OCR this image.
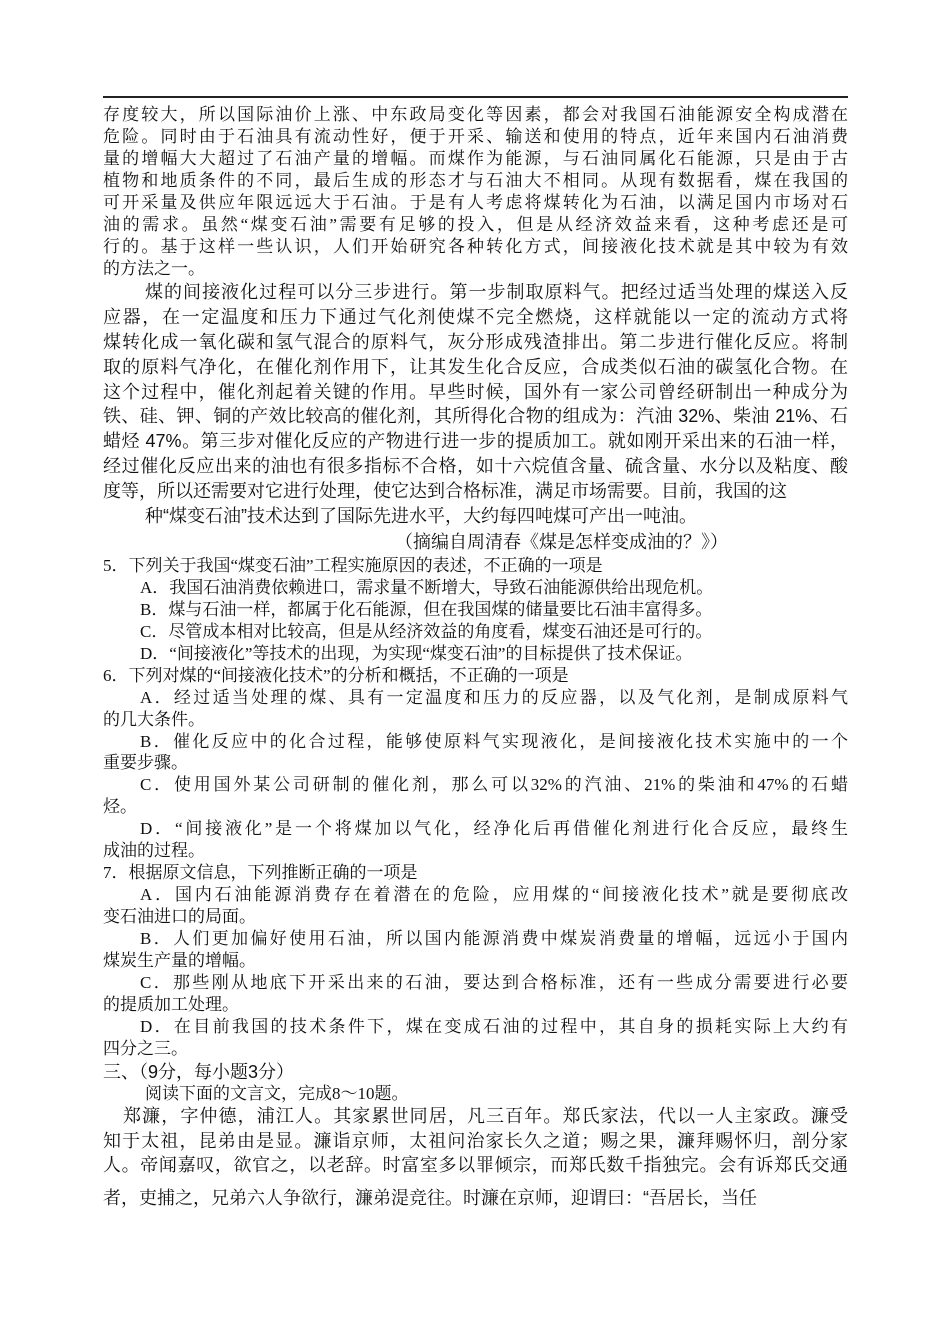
存度较大，所以国际油价上涨、中东政局变化等因素，都会对我国石油能源安全构成潜在
危险。同时由于石油具有流动性好，便于开采、输送和使用的特点，近年来国内石油消费
量的增幅大大超过了石油产量的增幅。而煤作为能源，与石油同属化石能源，只是由于古
植物和地质条件的不同，最后生成的形态才与石油大不相同。从现有数据看，煤在我国的
可开采量及供应年限远远大于石油。于是有人考虑将煤转化为石油，以满足国内市场对石
油的需求。虽然“煤变石油”需要有足够的投入，但是从经济效益来看，这种考虑还是可
行的。基于这样一些认识，人们开始研究各种转化方式，间接液化技术就是其中较为有效
的方法之一。
煤的间接液化过程可以分三步进行。第一步制取原料气。把经过适当处理的煤送入反
应器，在一定温度和压力下通过气化剂使煤不完全燃烧，这样就能以一定的流动方式将
煤转化成一氧化碳和氢气混合的原料气，灰分形成残渣排出。第二步进行催化反应。将制
取的原料气净化，在催化剂作用下，让其发生化合反应，合成类似石油的碳氢化合物。在
这个过程中，催化剂起着关键的作用。早些时候，国外有一家公司曾经研制出一种成分为
铁、硅、钾、铜的产效比较高的催化剂，其所得化合物的组成为：汽油 32%、柴油 21%、石
蜡烃 47%。第三步对催化反应的产物进行进一步的提质加工。就如刚开采出来的石油一样，
经过催化反应出来的油也有很多指标不合格，如十六烷值含量、硫含量、水分以及粘度、酸
度等，所以还需要对它进行处理，使它达到合格标准，满足市场需要。目前，我国的这
种“煤变石油”技术达到了国际先进水平，大约每四吨煤可产出一吨油。
（摘编自周清春《煤是怎样变成油的？》）
5．下列关于我国“煤变石油”工程实施原因的表述，不正确的一项是
A．我国石油消费依赖进口，需求量不断增大，导致石油能源供给出现危机。
B．煤与石油一样，都属于化石能源，但在我国煤的储量要比石油丰富得多。
C．尽管成本相对比较高，但是从经济效益的角度看，煤变石油还是可行的。
D．“间接液化”等技术的出现，为实现“煤变石油”的目标提供了技术保证。
6．下列对煤的“间接液化技术”的分析和概括，不正确的一项是
A．经过适当处理的煤、具有一定温度和压力的反应器，以及气化剂，是制成原料气
的几大条件。
B．催化反应中的化合过程，能够使原料气实现液化，是间接液化技术实施中的一个
重要步骤。
C．使用国外某公司研制的催化剂，那么可以32%的汽油、21%的柴油和47%的石蜡
烃。
D．“间接液化”是一个将煤加以气化，经净化后再借催化剂进行化合反应，最终生
成油的过程。
7．根据原文信息，下列推断正确的一项是
A．国内石油能源消费存在着潜在的危险，应用煤的“间接液化技术”就是要彻底改
变石油进口的局面。
B．人们更加偏好使用石油，所以国内能源消费中煤炭消费量的增幅，远远小于国内
煤炭生产量的增幅。
C．那些刚从地底下开采出来的石油，要达到合格标准，还有一些成分需要进行必要
的提质加工处理。
D．在目前我国的技术条件下，煤在变成石油的过程中，其自身的损耗实际上大约有
四分之三。
三、（9分，每小题3分）
阅读下面的文言文，完成8～10题。
郑濂，字仲德，浦江人。其家累世同居，凡三百年。郑氏家法，代以一人主家政。濂受
知于太祖，昆弟由是显。濂诣京师，太祖问治家长久之道；赐之果，濂拜赐怀归，剖分家
人。帝闻嘉叹，欲官之，以老辞。时富室多以罪倾宗，而郑氏数千指独完。会有诉郑氏交通
者，吏捕之，兄弟六人争欲行，濂弟湜竞往。时濂在京师，迎谓曰：“吾居长，当任
